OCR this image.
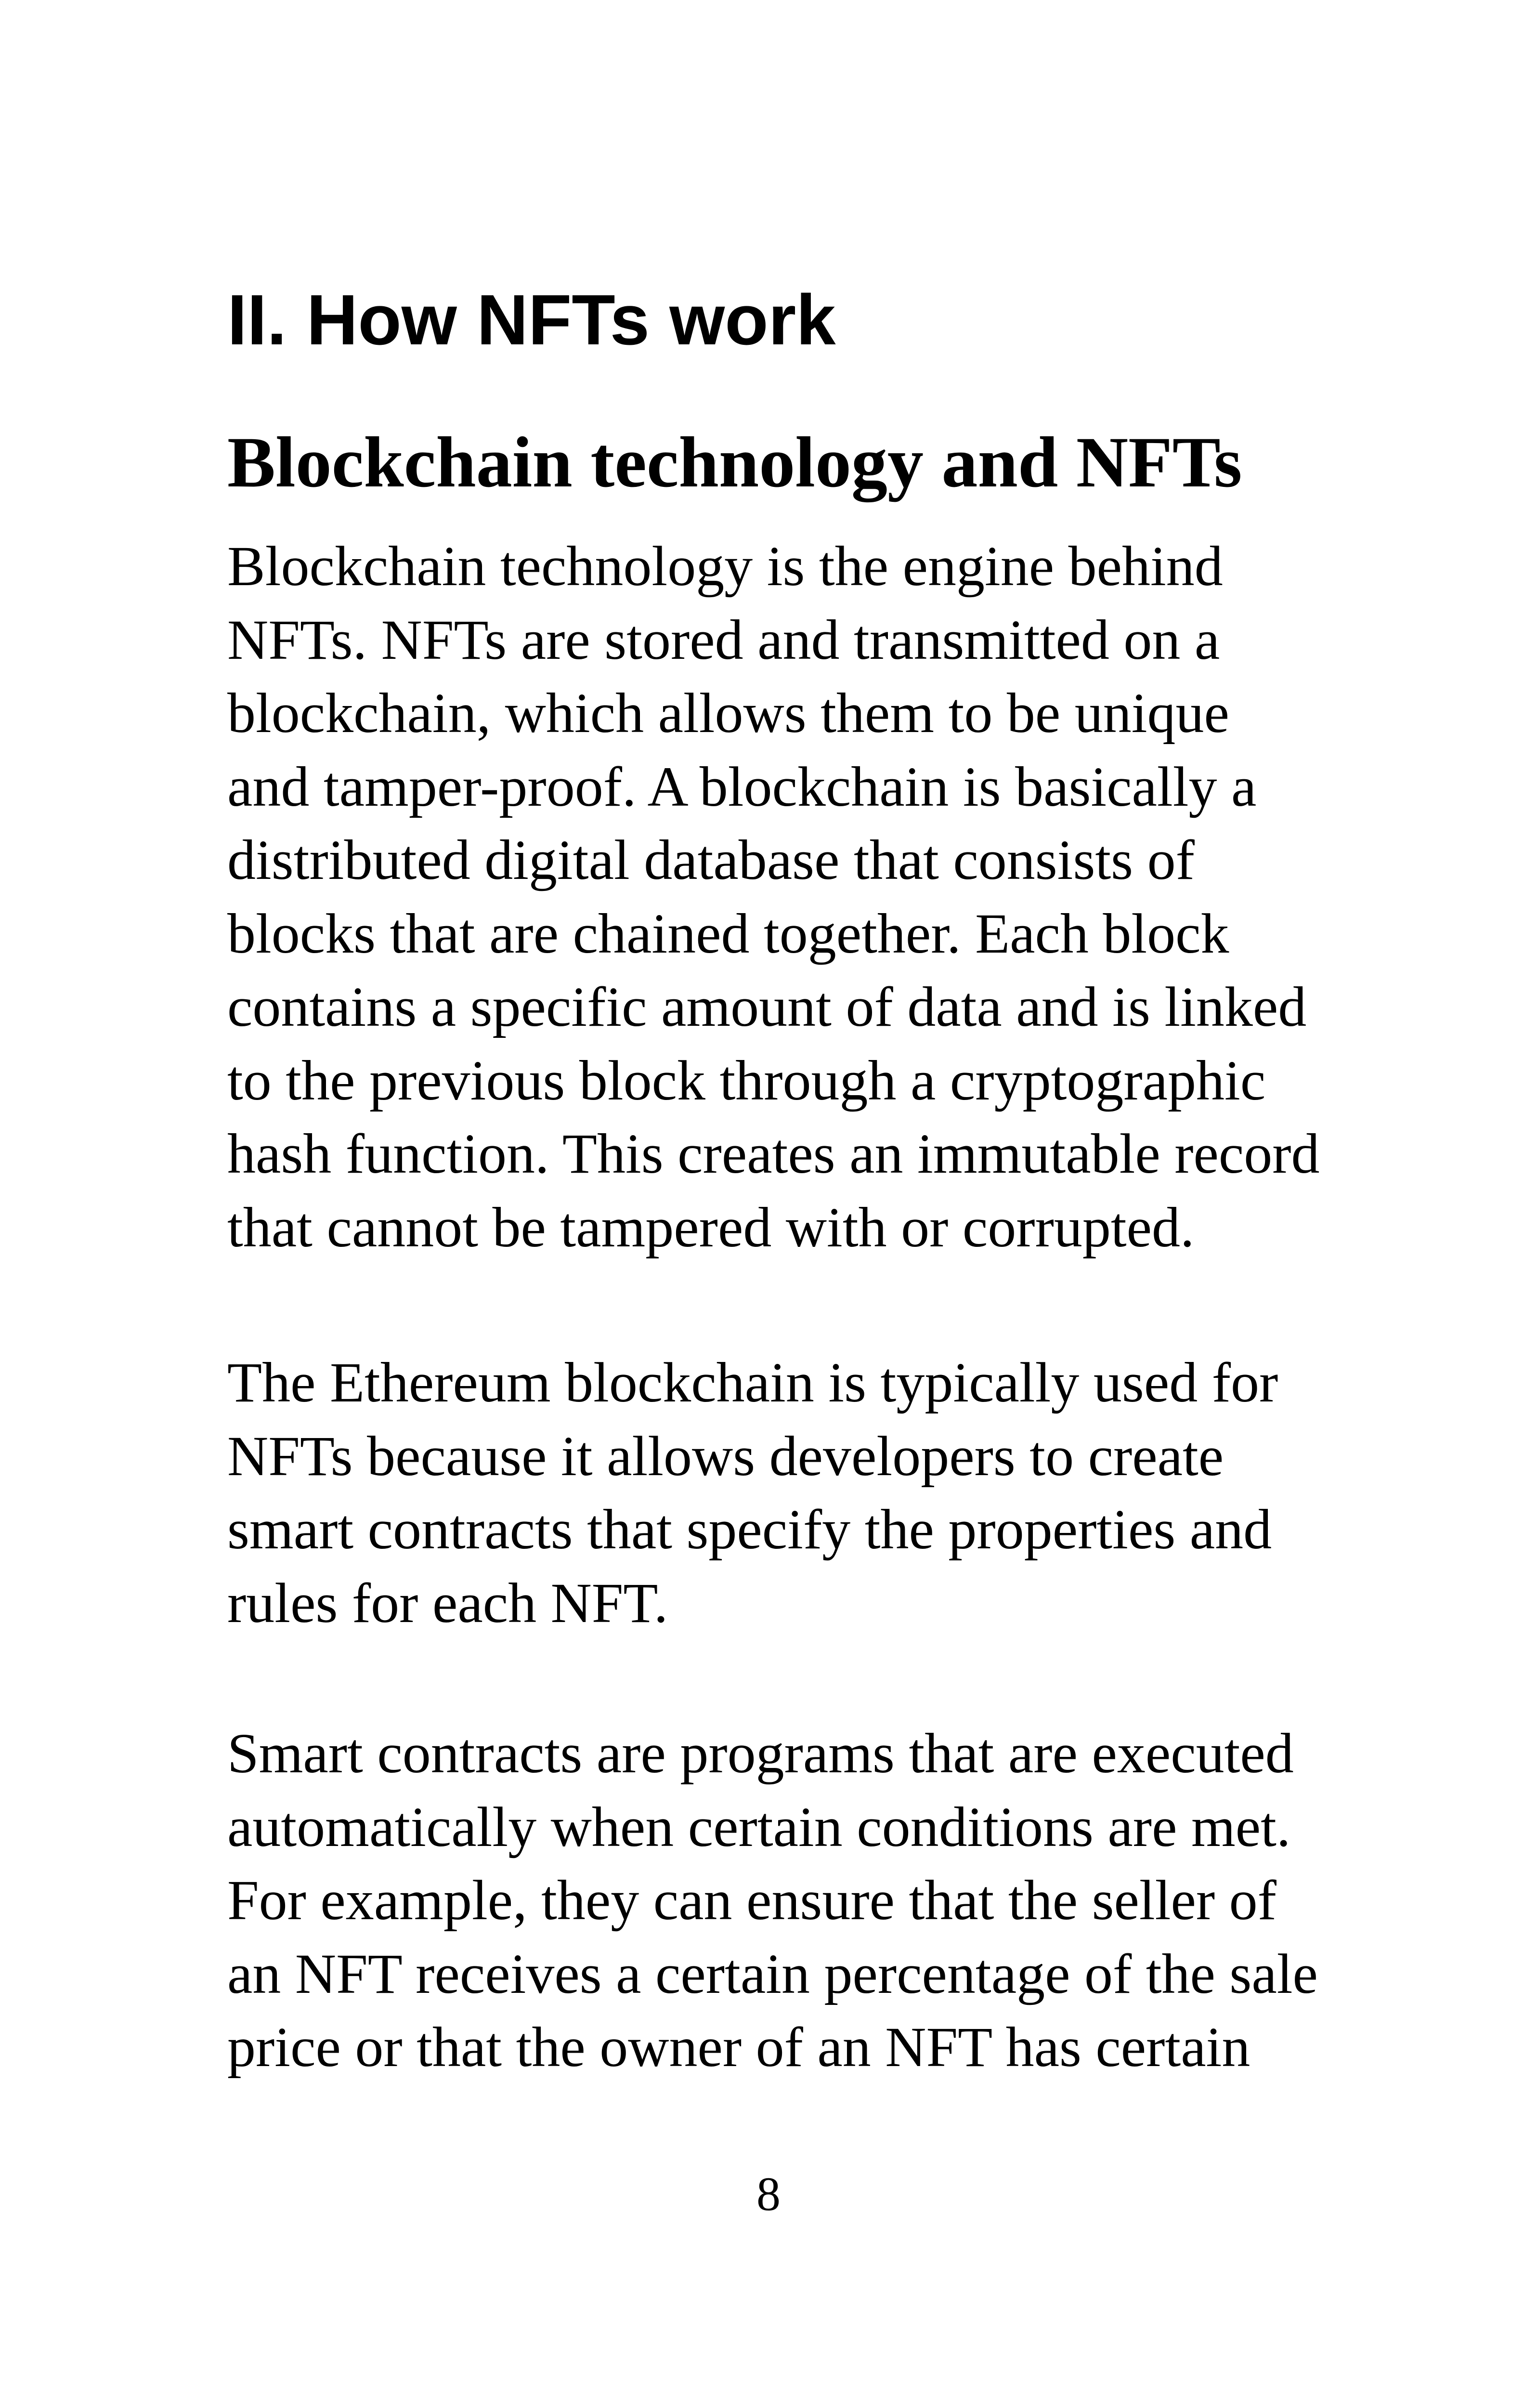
II. How NFTs work
Blockchain technology and NFTs

Blockchain technology is the engine behind
NFTs. NFTs are stored and transmitted on a
blockchain, which allows them to be unique
and tamper-proof. A blockchain is basically a
distributed digital database that consists of
blocks that are chained together. Each block
contains a specific amount of data and is linked
to the previous block through a cryptographic
hash function. This creates an immutable record
that cannot be tampered with or corrupted.

The Ethereum blockchain is typically used for
NFTs because it allows developers to create
smart contracts that specify the properties and
rules for each NFT.

Smart contracts are programs that are executed
automatically when certain conditions are met.
For example, they can ensure that the seller of
an NFT receives a certain percentage of the sale
price or that the owner of an NFT has certain

8
